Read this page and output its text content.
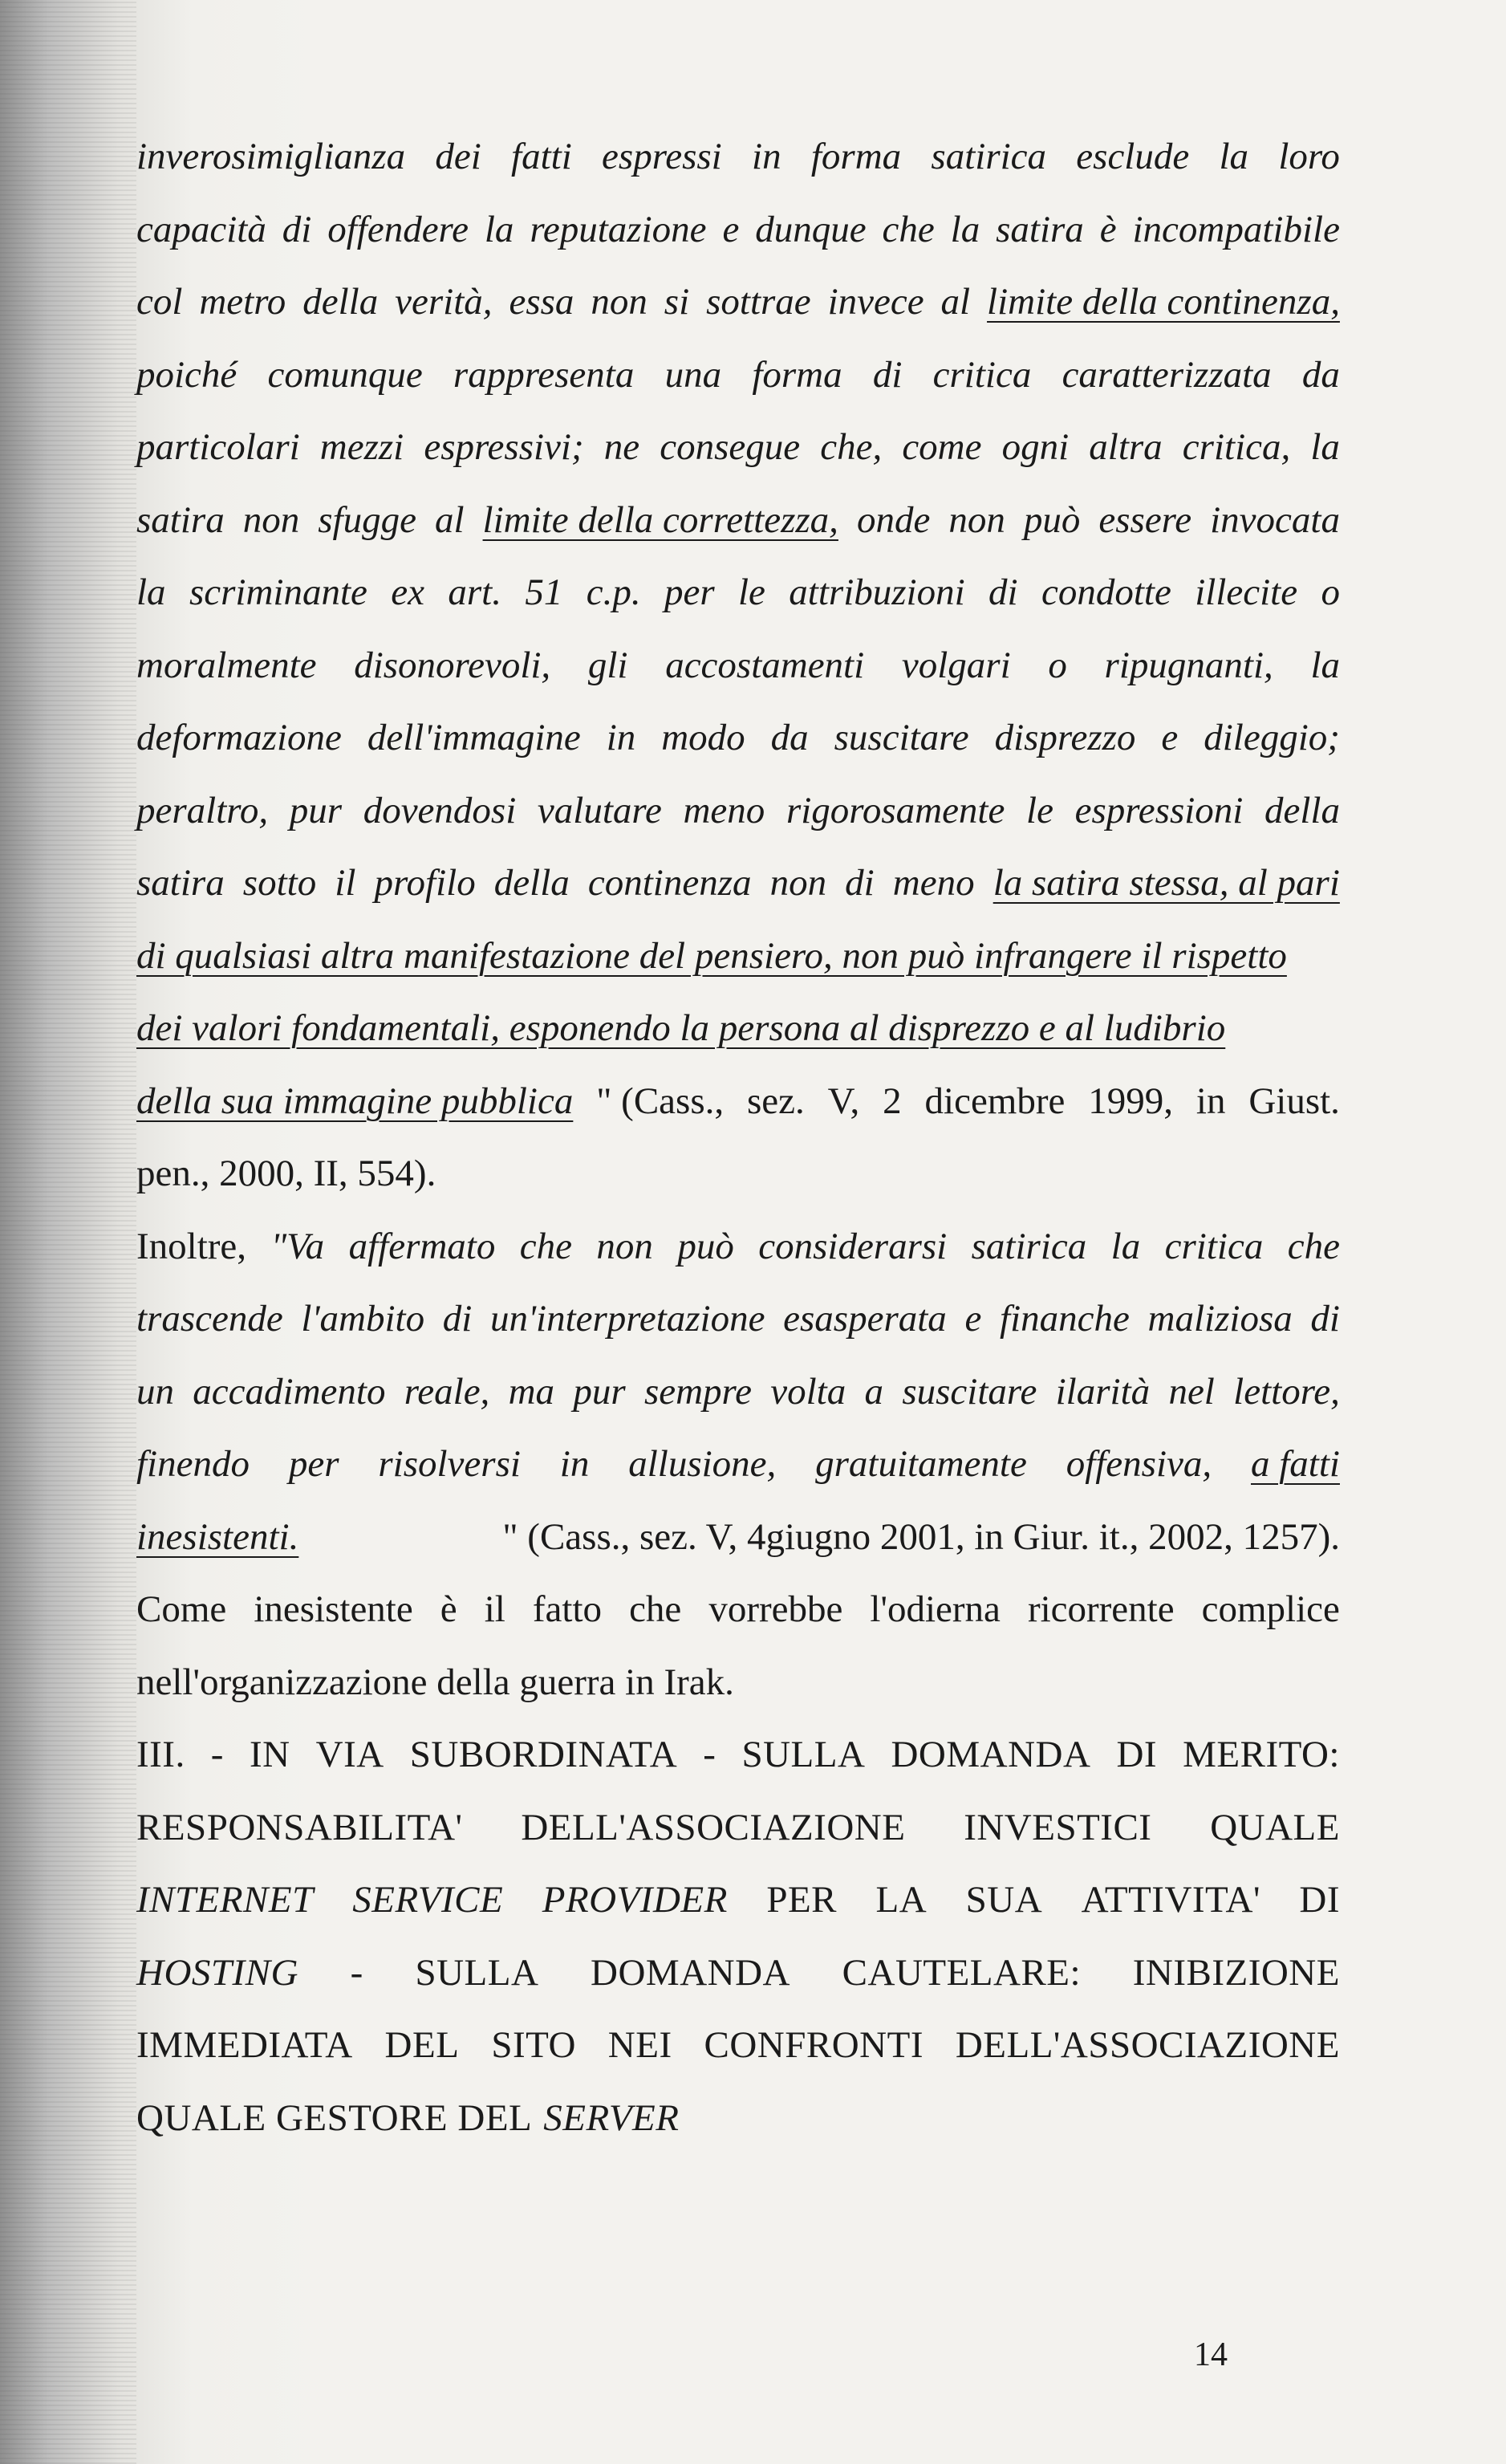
inverosimiglianza dei fatti espressi in forma satirica esclude la loro
capacità di offendere la reputazione e dunque che la satira è incompatibile
col metro della verità, essa non si sottrae invece al limite della continenza,
poiché comunque rappresenta una forma di critica caratterizzata da
particolari mezzi espressivi; ne consegue che, come ogni altra critica, la
satira non sfugge al limite della correttezza, onde non può essere invocata
la scriminante ex art. 51 c.p. per le attribuzioni di condotte illecite o
moralmente disonorevoli, gli accostamenti volgari o ripugnanti, la
deformazione dell'immagine in modo da suscitare disprezzo e dileggio;
peraltro, pur dovendosi valutare meno rigorosamente le espressioni della
satira sotto il profilo della continenza non di meno la satira stessa, al pari
di qualsiasi altra manifestazione del pensiero, non può infrangere il rispetto
dei valori fondamentali, esponendo la persona al disprezzo e al ludibrio
della sua immagine pubblica " (Cass., sez. V, 2 dicembre 1999, in Giust.
pen., 2000, II, 554).
Inoltre, "Va affermato che non può considerarsi satirica la critica che
trascende l'ambito di un'interpretazione esasperata e finanche maliziosa di
un accadimento reale, ma pur sempre volta a suscitare ilarità nel lettore,
finendo per risolversi in allusione, gratuitamente offensiva, a fatti
inesistenti.	" (Cass., sez. V, 4giugno 2001, in Giur. it., 2002, 1257).
Come inesistente è il fatto che vorrebbe l'odierna ricorrente complice
nell'organizzazione della guerra in Irak.
III. - IN VIA SUBORDINATA - SULLA DOMANDA DI MERITO:
RESPONSABILITA' DELL'ASSOCIAZIONE INVESTICI QUALE
INTERNET SERVICE PROVIDER PER LA SUA ATTIVITA' DI
HOSTING - SULLA DOMANDA CAUTELARE: INIBIZIONE
IMMEDIATA DEL SITO NEI CONFRONTI DELL'ASSOCIAZIONE
QUALE GESTORE DEL SERVER
14
